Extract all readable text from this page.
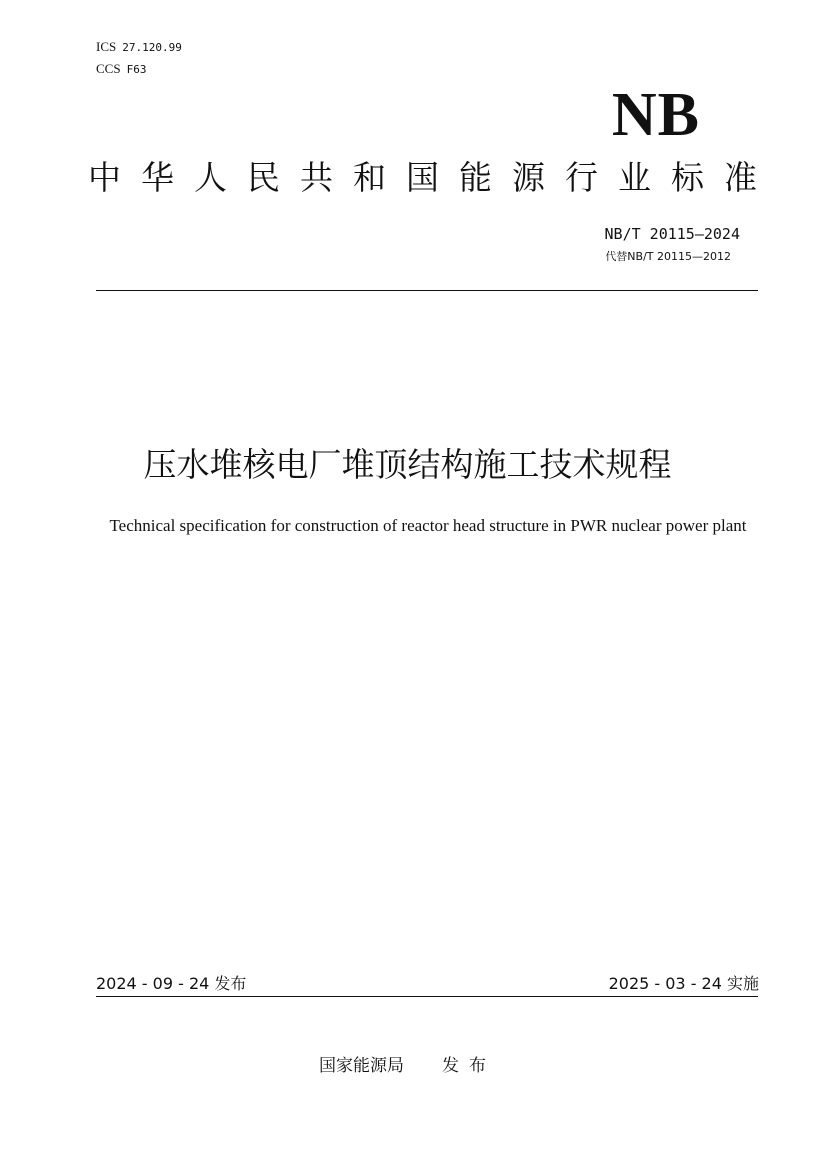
ICS 27.120.99
CCS F63
NB
中华人民共和国能源行业标准
NB/T 20115—2024
代替NB/T 20115—2012
压水堆核电厂堆顶结构施工技术规程
Technical specification for construction of reactor head structure in PWR nuclear power plant
2024 - 09 - 24 发布	2025 - 03 - 24 实施
国家能源局 发布
